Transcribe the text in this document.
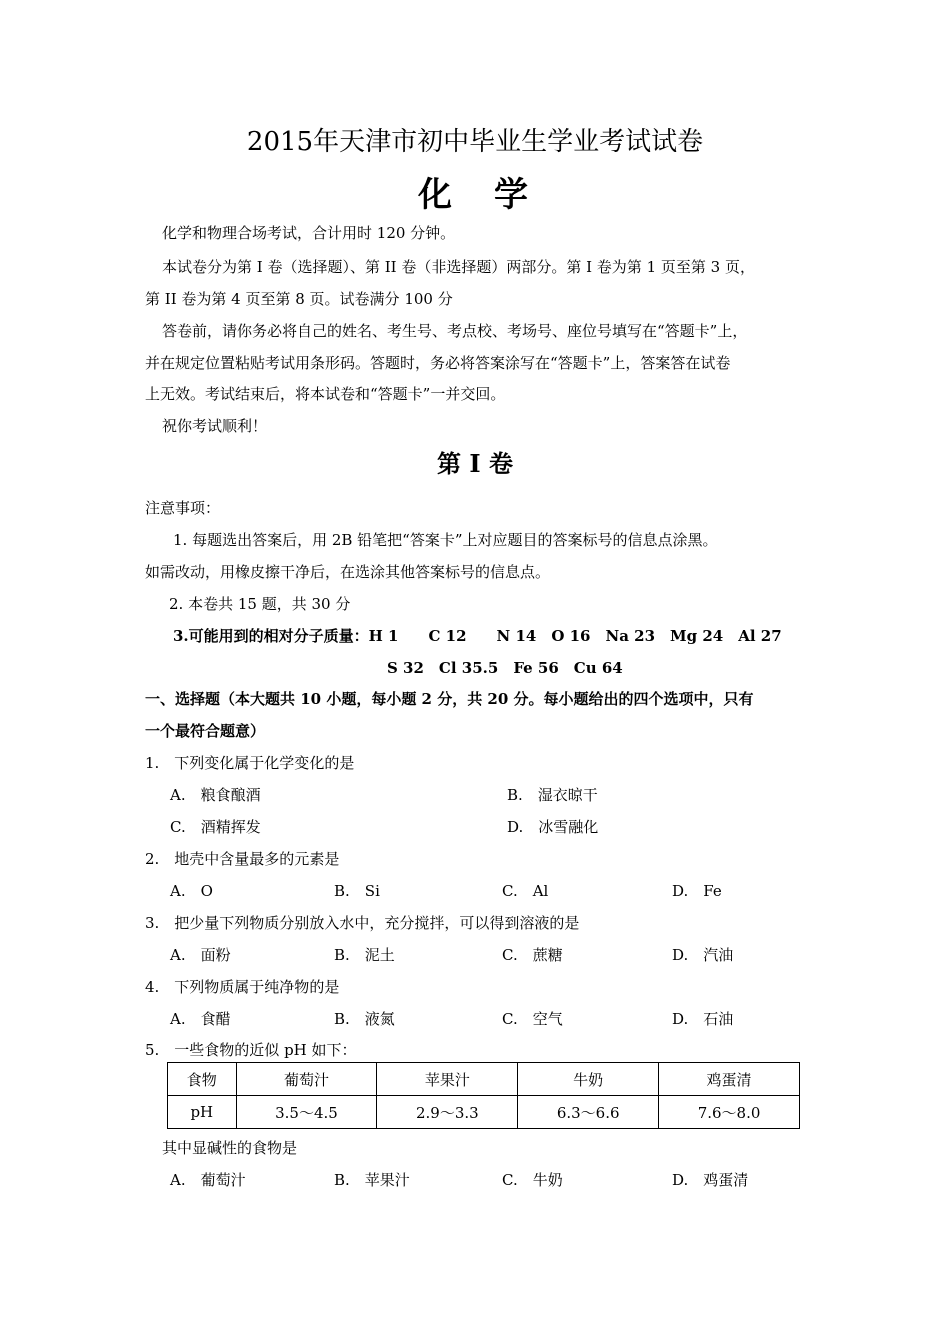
2015年天津市初中毕业生学业考试试卷
化　学
化学和物理合场考试，合计用时 120 分钟。
本试卷分为第 I 卷（选择题）、第 II 卷（非选择题）两部分。第 I 卷为第 1 页至第 3 页，
第 II 卷为第 4 页至第 8 页。试卷满分 100 分
答卷前，请你务必将自己的姓名、考生号、考点校、考场号、座位号填写在“答题卡”上，
并在规定位置粘贴考试用条形码。答题时，务必将答案涂写在“答题卡”上，答案答在试卷
上无效。考试结束后，将本试卷和“答题卡”一并交回。
祝你考试顺利！
第 I 卷
注意事项：
1. 每题选出答案后，用 2B 铅笔把“答案卡”上对应题目的答案标号的信息点涂黑。
如需改动，用橡皮擦干净后，在选涂其他答案标号的信息点。
2. 本卷共 15 题，共 30 分
3.可能用到的相对分子质量：H 1　　C 12　　N 14　O 16　Na 23　Mg 24　Al 27
S 32　Cl 35.5　Fe 56　Cu 64
一、选择题（本大题共 10 小题，每小题 2 分，共 20 分。每小题给出的四个选项中，只有
一个最符合题意）
1.　下列变化属于化学变化的是
A.　粮食酿酒	B.　湿衣晾干
C.　酒精挥发	D.　冰雪融化
2.　地壳中含量最多的元素是
A.　O	B.　Si	C.　Al	D.　Fe
3.　把少量下列物质分别放入水中，充分搅拌，可以得到溶液的是
A.　面粉	B.　泥土	C.　蔗糖	D.　汽油
4.　下列物质属于纯净物的是
A.　食醋	B.　液氮	C.　空气	D.　石油
5.　一些食物的近似 pH 如下：
食物	葡萄汁	苹果汁	牛奶	鸡蛋清
pH	3.5～4.5	2.9～3.3	6.3～6.6	7.6～8.0
其中显碱性的食物是
A.　葡萄汁	B.　苹果汁	C.　牛奶	D.　鸡蛋清
